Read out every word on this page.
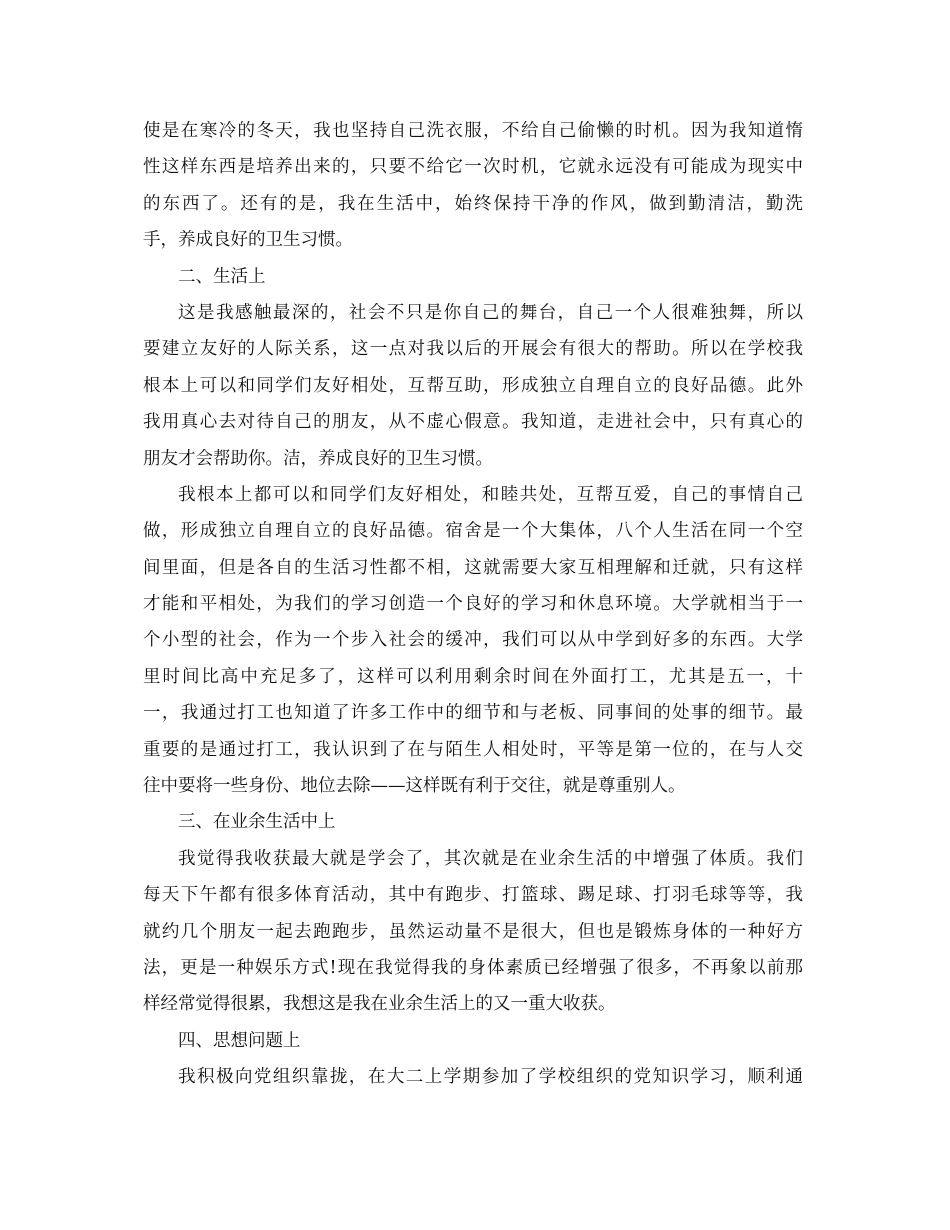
使是在寒冷的冬天，我也坚持自己洗衣服，不给自己偷懒的时机。因为我知道惰
性这样东西是培养出来的，只要不给它一次时机，它就永远没有可能成为现实中
的东西了。还有的是，我在生活中，始终保持干净的作风，做到勤清洁，勤洗
手，养成良好的卫生习惯。
二、生活上
这是我感触最深的，社会不只是你自己的舞台，自己一个人很难独舞，所以
要建立友好的人际关系，这一点对我以后的开展会有很大的帮助。所以在学校我
根本上可以和同学们友好相处，互帮互助，形成独立自理自立的良好品德。此外
我用真心去对待自己的朋友，从不虚心假意。我知道，走进社会中，只有真心的
朋友才会帮助你。洁，养成良好的卫生习惯。
我根本上都可以和同学们友好相处，和睦共处，互帮互爱，自己的事情自己
做，形成独立自理自立的良好品德。宿舍是一个大集体，八个人生活在同一个空
间里面，但是各自的生活习性都不相，这就需要大家互相理解和迁就，只有这样
才能和平相处，为我们的学习创造一个良好的学习和休息环境。大学就相当于一
个小型的社会，作为一个步入社会的缓冲，我们可以从中学到好多的东西。大学
里时间比高中充足多了，这样可以利用剩余时间在外面打工，尤其是五一，十
一，我通过打工也知道了许多工作中的细节和与老板、同事间的处事的细节。最
重要的是通过打工，我认识到了在与陌生人相处时，平等是第一位的，在与人交
往中要将一些身份、地位去除——这样既有利于交往，就是尊重别人。
三、在业余生活中上
我觉得我收获最大就是学会了，其次就是在业余生活的中增强了体质。我们
每天下午都有很多体育活动，其中有跑步、打篮球、踢足球、打羽毛球等等，我
就约几个朋友一起去跑跑步，虽然运动量不是很大，但也是锻炼身体的一种好方
法，更是一种娱乐方式!现在我觉得我的身体素质已经增强了很多，不再象以前那
样经常觉得很累，我想这是我在业余生活上的又一重大收获。
四、思想问题上
我积极向党组织靠拢，在大二上学期参加了学校组织的党知识学习，顺利通
